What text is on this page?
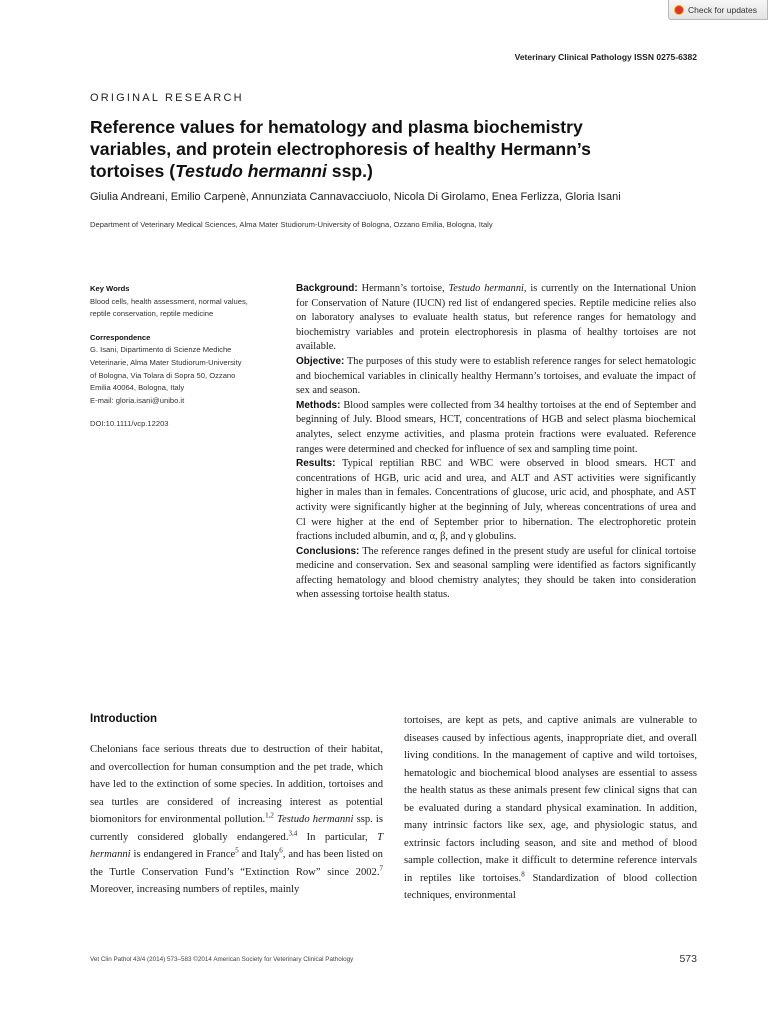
Check for updates
Veterinary Clinical Pathology ISSN 0275-6382
ORIGINAL RESEARCH
Reference values for hematology and plasma biochemistry
variables, and protein electrophoresis of healthy Hermann’s
tortoises (Testudo hermanni ssp.)
Giulia Andreani, Emilio Carpenè, Annunziata Cannavacciuolo, Nicola Di Girolamo, Enea Ferlizza, Gloria Isani
Department of Veterinary Medical Sciences, Alma Mater Studiorum-University of Bologna, Ozzano Emilia, Bologna, Italy
Key Words
Blood cells, health assessment, normal values,
reptile conservation, reptile medicine
Correspondence
G. Isani, Dipartimento di Scienze Mediche
Veterinarie, Alma Mater Studiorum-University
of Bologna, Via Tolara di Sopra 50, Ozzano
Emilia 40064, Bologna, Italy
E-mail: gloria.isani@unibo.it
DOI:10.1111/vcp.12203

Background: Hermann’s tortoise, Testudo hermanni, is currently on the International Union for Conservation of Nature (IUCN) red list of endangered species. Reptile medicine relies also on laboratory analyses to evaluate health status, but reference ranges for hematology and biochemistry variables and protein electrophoresis in plasma of healthy tortoises are not available.

Objective: The purposes of this study were to establish reference ranges for select hematologic and biochemical variables in clinically healthy Hermann’s tortoises, and evaluate the impact of sex and season.

Methods: Blood samples were collected from 34 healthy tortoises at the end of September and beginning of July. Blood smears, HCT, concentrations of HGB and select plasma biochemical analytes, select enzyme activities, and plasma protein fractions were evaluated. Reference ranges were determined and checked for influence of sex and sampling time point.

Results: Typical reptilian RBC and WBC were observed in blood smears. HCT and concentrations of HGB, uric acid and urea, and ALT and AST activities were significantly higher in males than in females. Concentrations of glucose, uric acid, and phosphate, and AST activity were significantly higher at the beginning of July, whereas concentrations of urea and Cl were higher at the end of September prior to hibernation. The electrophoretic protein fractions included albumin, and α, β, and γ globulins.

Conclusions: The reference ranges defined in the present study are useful for clinical tortoise medicine and conservation. Sex and seasonal sampling were identified as factors significantly affecting hematology and blood chemistry analytes; they should be taken into consideration when assessing tortoise health status.

Introduction

Chelonians face serious threats due to destruction of their habitat, and overcollection for human consumption and the pet trade, which have led to the extinction of some species. In addition, tortoises and sea turtles are considered of increasing interest as potential biomonitors for environmental pollution.$^{1,2}$ Testudo hermanni ssp. is currently considered globally endangered.$^{3,4}$ In particular, T hermanni is endangered in France$^5$ and Italy$^6$, and has been listed on the Turtle Conservation Fund’s “Extinction Row” since 2002.$^7$ Moreover, increasing numbers of reptiles, mainly

tortoises, are kept as pets, and captive animals are vulnerable to diseases caused by infectious agents, inappropriate diet, and overall living conditions. In the management of captive and wild tortoises, hematologic and biochemical blood analyses are essential to assess the health status as these animals present few clinical signs that can be evaluated during a standard physical examination. In addition, many intrinsic factors like sex, age, and physiologic status, and extrinsic factors including season, and site and method of blood sample collection, make it difficult to determine reference intervals in reptiles like tortoises.$^8$ Standardization of blood collection techniques, environmental

Vet Clin Pathol 43/4 (2014) 573–583 ©2014 American Society for Veterinary Clinical Pathology	573
